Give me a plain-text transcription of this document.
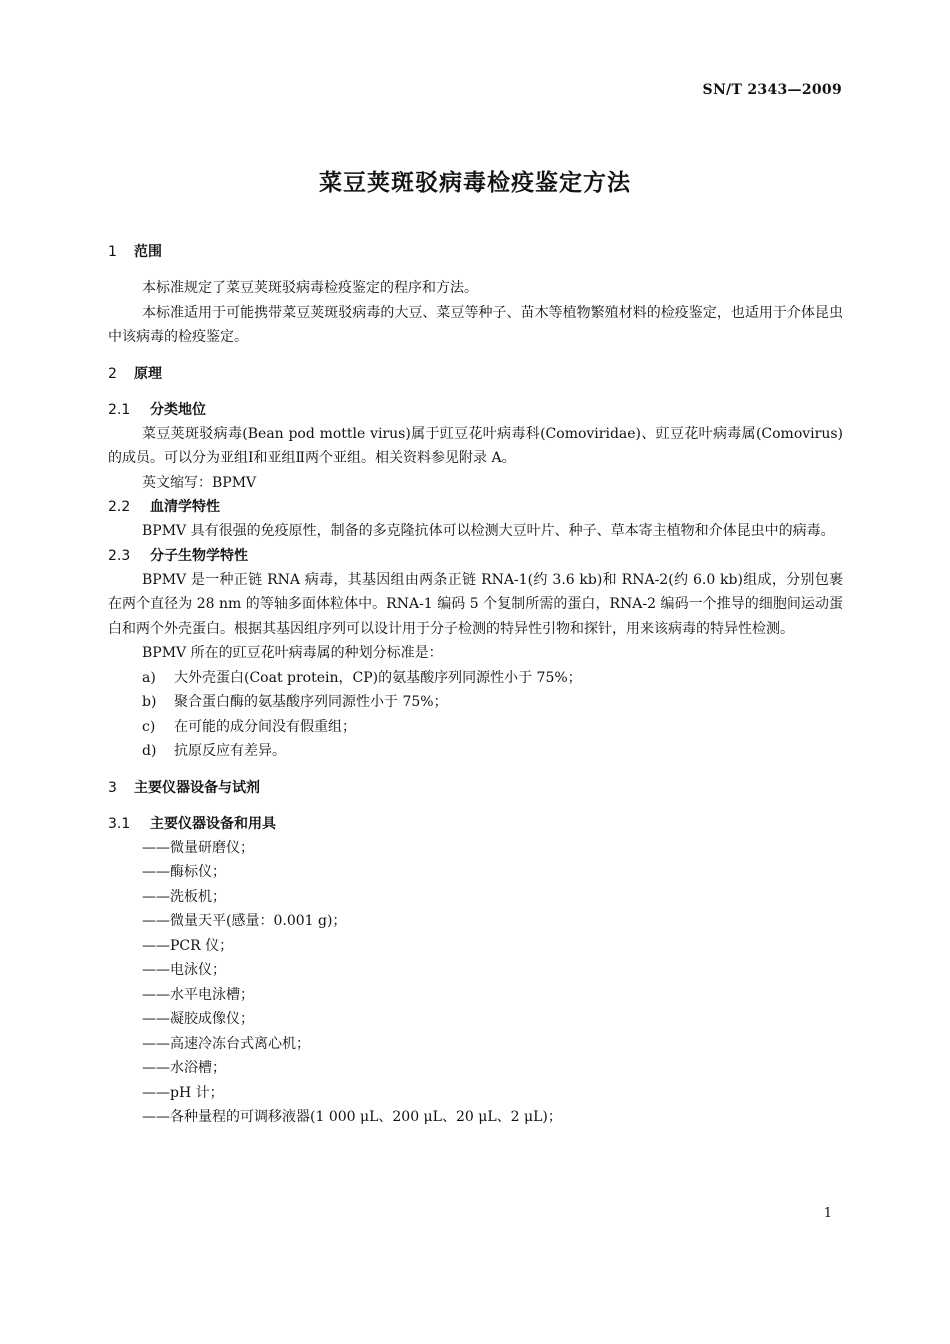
SN/T 2343—2009
菜豆荚斑驳病毒检疫鉴定方法
1 范围
本标准规定了菜豆荚斑驳病毒检疫鉴定的程序和方法。
本标准适用于可能携带菜豆荚斑驳病毒的大豆、菜豆等种子、苗木等植物繁殖材料的检疫鉴定，也适用于介体昆虫中该病毒的检疫鉴定。
2 原理
2.1 分类地位
菜豆荚斑驳病毒(Bean pod mottle virus)属于豇豆花叶病毒科(Comoviridae)、豇豆花叶病毒属(Comovirus)的成员。可以分为亚组Ⅰ和亚组Ⅱ两个亚组。相关资料参见附录 A。
英文缩写：BPMV
2.2 血清学特性
BPMV 具有很强的免疫原性，制备的多克隆抗体可以检测大豆叶片、种子、草本寄主植物和介体昆虫中的病毒。
2.3 分子生物学特性
BPMV 是一种正链 RNA 病毒，其基因组由两条正链 RNA-1(约 3.6 kb)和 RNA-2(约 6.0 kb)组成，分别包裹在两个直径为 28 nm 的等轴多面体粒体中。RNA-1 编码 5 个复制所需的蛋白，RNA-2 编码一个推导的细胞间运动蛋白和两个外壳蛋白。根据其基因组序列可以设计用于分子检测的特异性引物和探针，用来该病毒的特异性检测。
BPMV 所在的豇豆花叶病毒属的种划分标准是：
a) 大外壳蛋白(Coat protein，CP)的氨基酸序列同源性小于 75%；
b) 聚合蛋白酶的氨基酸序列同源性小于 75%；
c) 在可能的成分间没有假重组；
d) 抗原反应有差异。
3 主要仪器设备与试剂
3.1 主要仪器设备和用具
——微量研磨仪；
——酶标仪；
——洗板机；
——微量天平(感量：0.001 g)；
——PCR 仪；
——电泳仪；
——水平电泳槽；
——凝胶成像仪；
——高速冷冻台式离心机；
——水浴槽；
——pH 计；
——各种量程的可调移液器(1 000 μL、200 μL、20 μL、2 μL)；
1
